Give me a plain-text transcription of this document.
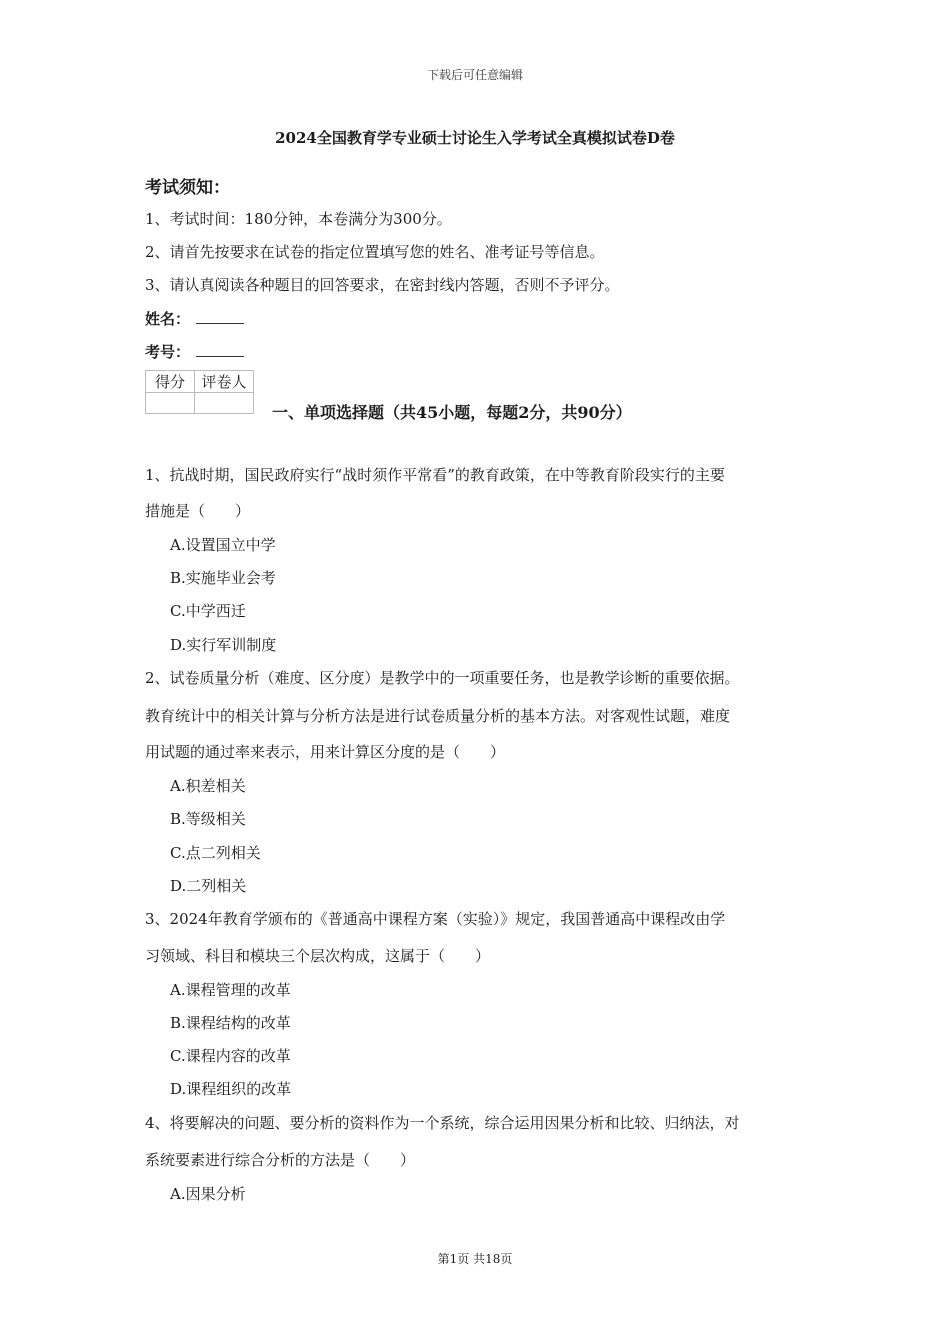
下载后可任意编辑
2024全国教育学专业硕士讨论生入学考试全真模拟试卷D卷
考试须知：
1、考试时间：180分钟，本卷满分为300分。
2、请首先按要求在试卷的指定位置填写您的姓名、准考证号等信息。
3、请认真阅读各种题目的回答要求，在密封线内答题，否则不予评分。
姓名：
考号：
得分	评卷人

一、单项选择题（共45小题，每题2分，共90分）
1、抗战时期，国民政府实行“战时须作平常看”的教育政策，在中等教育阶段实行的主要
措施是（　　）
A.设置国立中学
B.实施毕业会考
C.中学西迁
D.实行军训制度
2、试卷质量分析（难度、区分度）是教学中的一项重要任务，也是教学诊断的重要依据。
教育统计中的相关计算与分析方法是进行试卷质量分析的基本方法。对客观性试题，难度
用试题的通过率来表示，用来计算区分度的是（　　）
A.积差相关
B.等级相关
C.点二列相关
D.二列相关
3、2024年教育学颁布的《普通高中课程方案（实验）》规定，我国普通高中课程改由学
习领域、科目和模块三个层次构成，这属于（　　）
A.课程管理的改革
B.课程结构的改革
C.课程内容的改革
D.课程组织的改革
4、将要解决的问题、要分析的资料作为一个系统，综合运用因果分析和比较、归纳法，对
系统要素进行综合分析的方法是（　　）
A.因果分析
第1页 共18页
